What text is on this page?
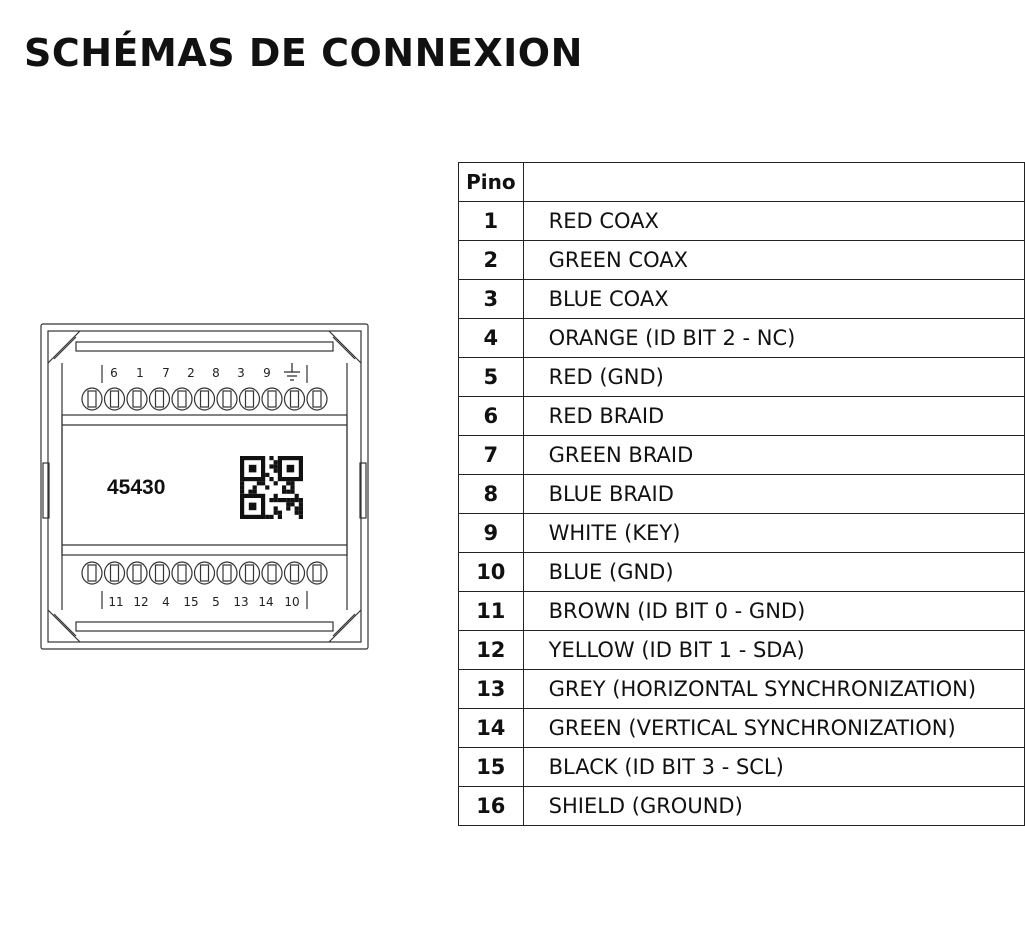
SCHÉMAS DE CONNEXION
6 1 7 2 8 3 9
11 12 4 15 5 13 14 10
45430
Pino	
1	RED COAX
2	GREEN COAX
3	BLUE COAX
4	ORANGE (ID BIT 2 - NC)
5	RED (GND)
6	RED BRAID
7	GREEN BRAID
8	BLUE BRAID
9	WHITE (KEY)
10	BLUE (GND)
11	BROWN (ID BIT 0 - GND)
12	YELLOW (ID BIT 1 - SDA)
13	GREY (HORIZONTAL SYNCHRONIZATION)
14	GREEN (VERTICAL SYNCHRONIZATION)
15	BLACK (ID BIT 3 - SCL)
16	SHIELD (GROUND)
